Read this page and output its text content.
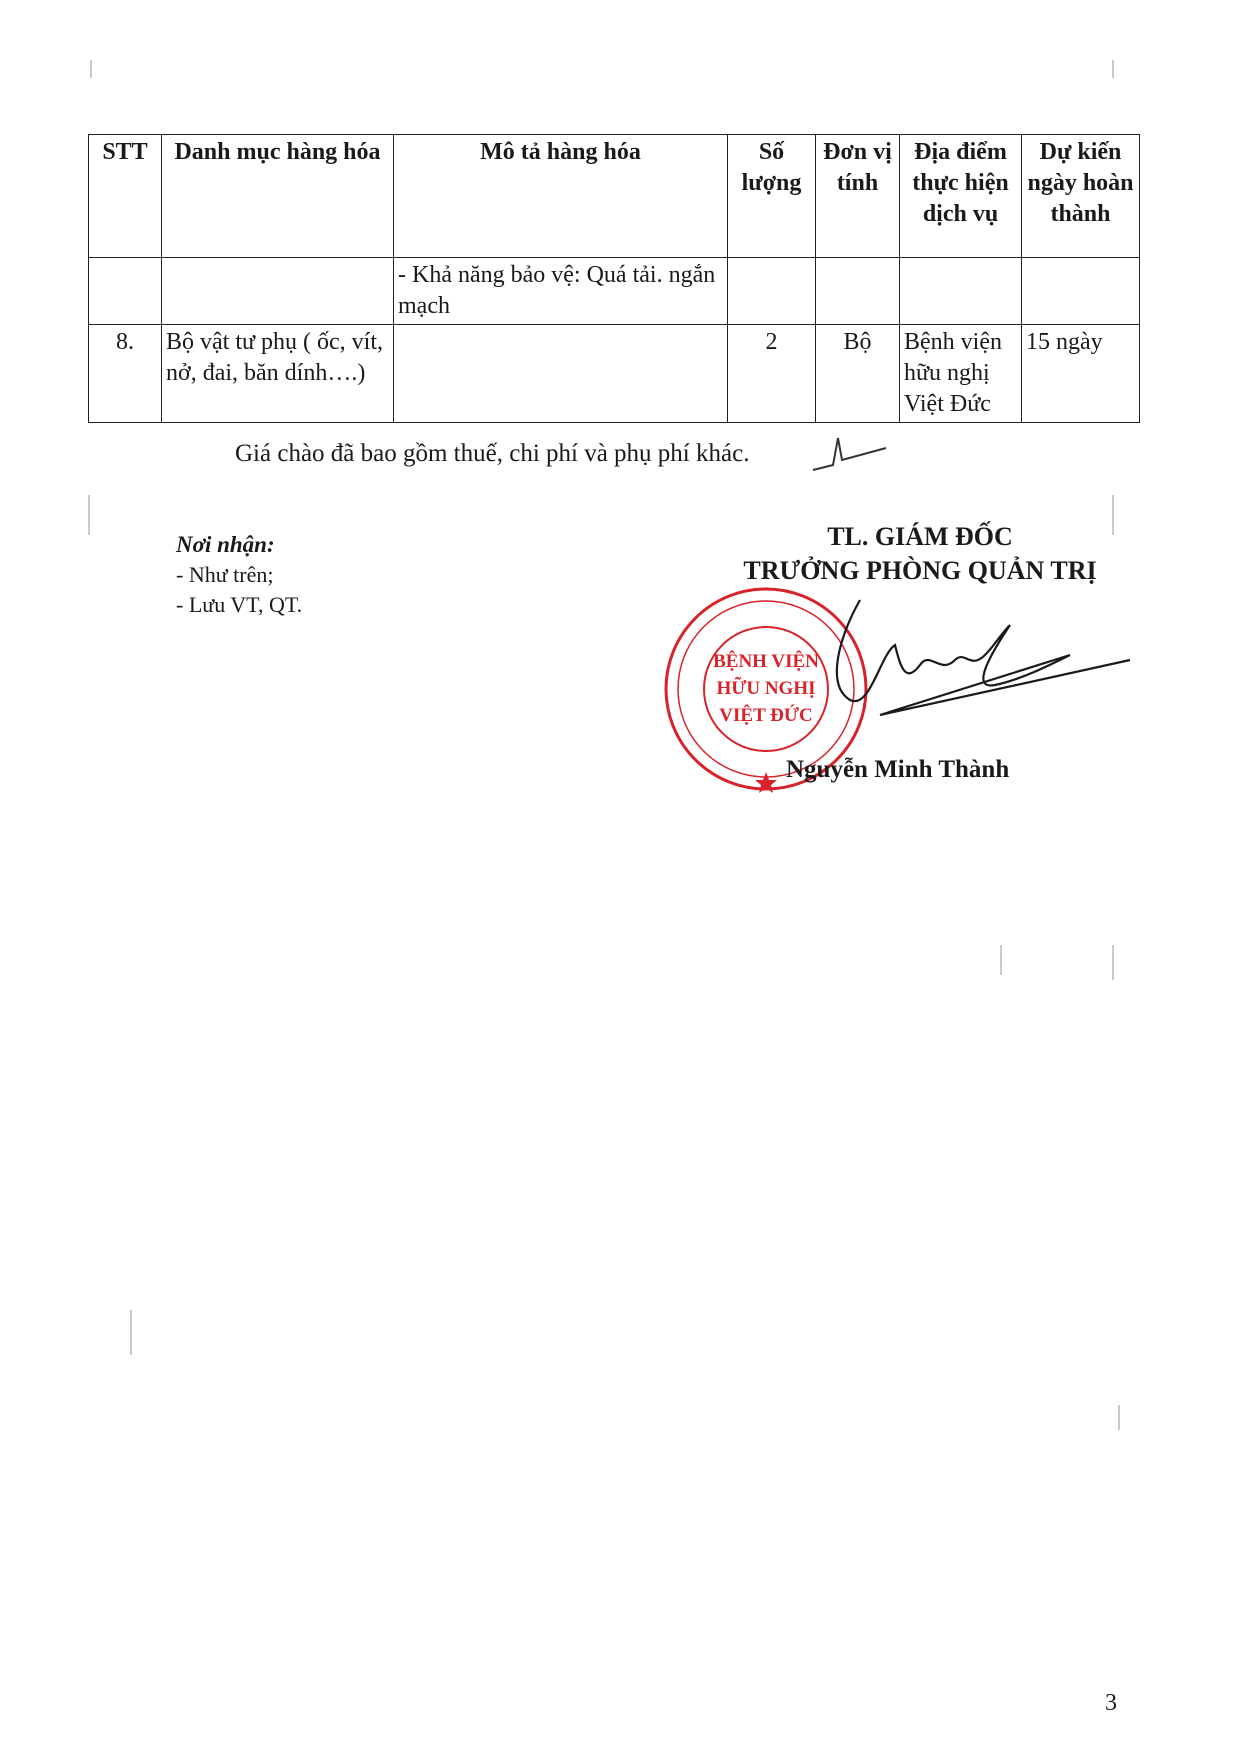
STT	Danh mục hàng hóa	Mô tả hàng hóa	Số lượng	Đơn vị tính	Địa điểm thực hiện dịch vụ	Dự kiến ngày hoàn thành
		- Khả năng bảo vệ: Quá tải. ngắn mạch				
8.	Bộ vật tư phụ ( ốc, vít, nở, đai, băn dính….)		2	Bộ	Bệnh viện hữu nghị Việt Đức	15 ngày
Giá chào đã bao gồm thuế, chi phí và phụ phí khác.
Nơi nhận:
- Như trên;
- Lưu VT, QT.
TL. GIÁM ĐỐC
TRƯỞNG PHÒNG QUẢN TRỊ
BỆNH VIỆN
HỮU NGHỊ
VIỆT ĐỨC
Nguyễn Minh Thành
3
